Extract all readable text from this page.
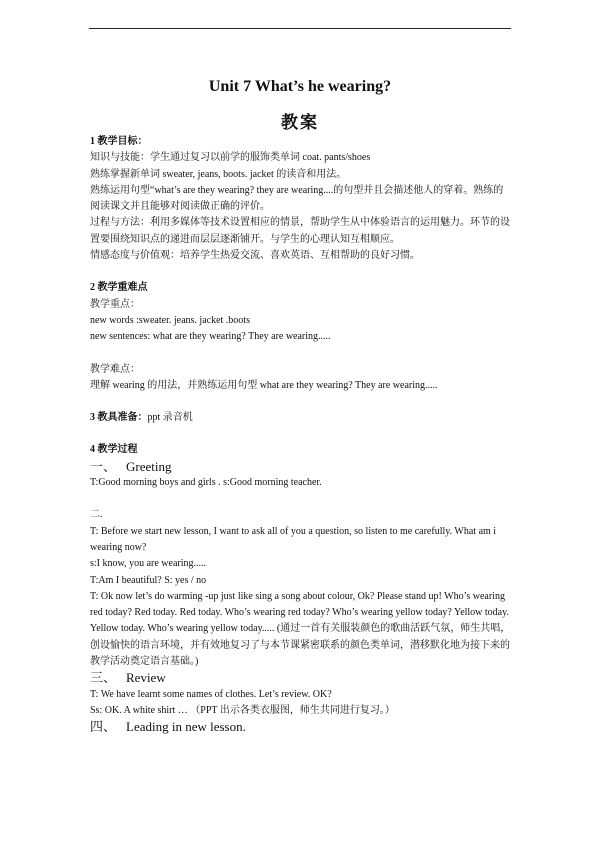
Unit 7 What’s he wearing?
教案

1 教学目标：

知识与技能：学生通过复习以前学的服饰类单词 coat. pants/shoes

熟练掌握新单词 sweater, jeans, boots. jacket 的读音和用法。

熟练运用句型“what’s are they wearing? they are wearing....的句型并且会描述他人的穿着。熟练的阅读课文并且能够对阅读做正确的评价。

过程与方法：利用多媒体等技术设置相应的情景，帮助学生从中体验语言的运用魅力。环节的设置要围绕知识点的递进而层层逐渐铺开。与学生的心理认知互相顺应。

情感态度与价值观：培养学生热爱交流、喜欢英语、互相帮助的良好习惯。

2 教学重难点

教学重点：

new words :sweater. jeans. jacket .boots

new sentences: what are they wearing? They are wearing.....

教学难点：

理解 wearing 的用法，并熟练运用句型 what are they wearing? They are wearing.....

3 教具准备：ppt 录音机

4 教学过程

一、 Greeting

T:Good morning boys and girls . s:Good morning teacher.

二.

T: Before we start new lesson, I want to ask all of you a question, so listen to me carefully. What am i wearing now?

s:I know, you are wearing.....

T:Am I beautiful? S: yes / no

T: Ok now let’s do warming -up just like sing a song about colour, Ok? Please stand up! Who’s wearing red today? Red today. Red today. Who’s wearing red today? Who’s wearing yellow today? Yellow today. Yellow today. Who’s wearing yellow today..... (通过一首有关服装颜色的歌曲活跃气氛，师生共唱，创设愉快的语言环境，并有效地复习了与本节课紧密联系的颜色类单词，潜移默化地为接下来的教学活动奠定语言基础。)

三、 Review

T: We have learnt some names of clothes. Let’s review. OK?

Ss: OK. A white shirt … （PPT 出示各类衣服图，师生共同进行复习。）

四、 Leading in new lesson.
